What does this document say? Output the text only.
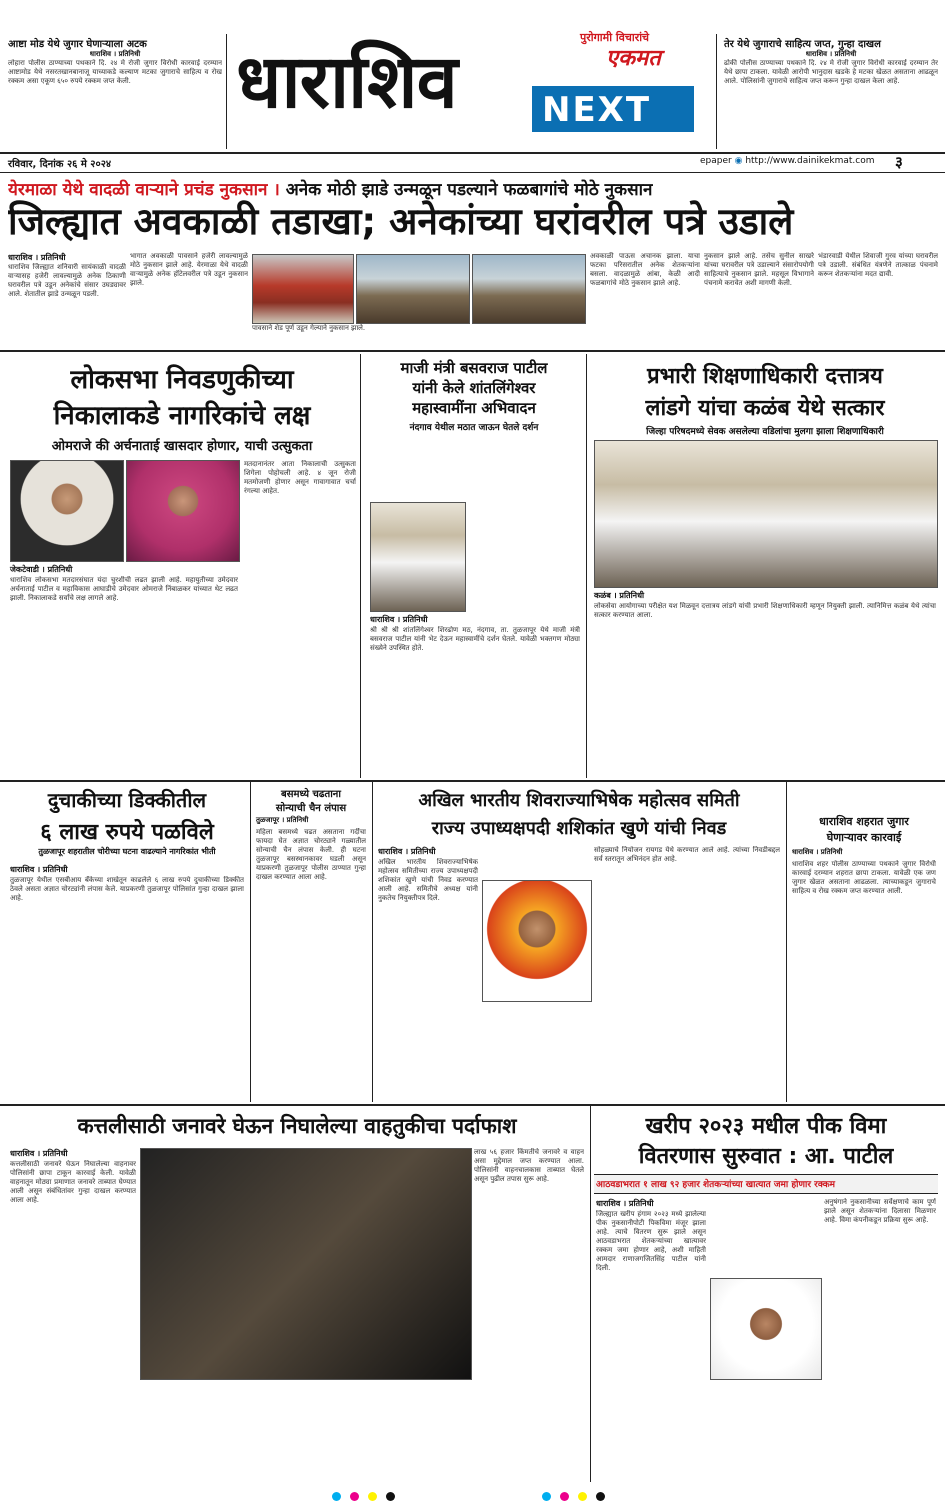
आष्टा मोड येथे जुगार घेणाऱ्याला अटक
धाराशिव । प्रतिनिधी
लोहारा पोलीस ठाण्याच्या पथकाने दि. २४ मे रोजी जुगार विरोधी कारवाई दरम्यान आष्टामोड येथे नसरतखानबानाजू याच्याकडे कल्याण मटका जुगाराचे साहित्य व रोख रक्कम असा एकूण ६५० रुपये रक्कम जप्त केली.	धाराशिव
पुरोगामी विचारांचे
एकमत
NEXT
तेर येथे जुगाराचे साहित्य जप्त, गुन्हा दाखल
धाराशिव । प्रतिनिधी
ढोकी पोलीस ठाण्याच्या पथकाने दि. २४ मे रोजी जुगार विरोधी कारवाई दरम्यान तेर येथे छापा टाकला. यावेळी आरोपी भानुदास खडके हे मटका खेळत असताना आढळून आले. पोलिसांनी जुगाराचे साहित्य जप्त करून गुन्हा दाखल केला आहे.
रविवार, दिनांक २६ मे २०२४	epaper ◉ http://www.dainikekmat.com ३
येरमाळा येथे वादळी वाऱ्याने प्रचंड नुकसान । अनेक मोठी झाडे उन्मळून पडल्याने फळबागांचे मोठे नुकसान
जिल्ह्यात अवकाळी तडाखा; अनेकांच्या घरांवरील पत्रे उडाले
धाराशिव । प्रतिनिधी
धाराशिव जिल्ह्यात शनिवारी सायंकाळी वादळी वाऱ्यासह हजेरी लावल्यामुळे अनेक ठिकाणी घरावरील पत्रे उडून अनेकांचे संसार उघड्यावर आले. शेतातील झाडे उन्मळून पडली.
भागात अवकाळी पावसाने हजेरी लावल्यामुळे मोठे नुकसान झाले आहे. येरमाळा येथे वादळी वाऱ्यामुळे अनेक हॉटेलवरील पत्रे उडून नुकसान झाले.
पावसाने शेड पूर्ण उडून गेल्याने नुकसान झाले.
अवकाळी पाऊस अचानक झाला. याचा फटका परिसरातील अनेक शेतकऱ्यांना बसला. वादळामुळे आंबा, केळी आदी फळबागांचे मोठे नुकसान झाले आहे.
नुकसान झाले आहे. तसेच सुनील साखरे यांच्या घरावरील पत्रे उडाल्याने संसारोपयोगी साहित्याचे नुकसान झाले. महसूल विभागाने पंचनामे करावेत अशी मागणी केली.
भंडारवाडी येथील शिवाजी गुरव यांच्या घरावरील पत्रे उडाली. संबंधित यंत्रणेने तात्काळ पंचनामे करून शेतकऱ्यांना मदत द्यावी.
लोकसभा निवडणुकीच्या
निकालाकडे नागरिकांचे लक्ष
ओमराजे की अर्चनाताई खासदार होणार, याची उत्सुकता
मतदानानंतर आता निकालाची उत्सुकता शिगेला पोहोचली आहे. ४ जून रोजी मतमोजणी होणार असून गावागावात चर्चा रंगल्या आहेत.
जेकटेवाडी । प्रतिनिधी
धाराशिव लोकसभा मतदारसंघात यंदा चुरशीची लढत झाली आहे. महायुतीच्या उमेदवार अर्चनाताई पाटील व महाविकास आघाडीचे उमेदवार ओमराजे निंबाळकर यांच्यात थेट लढत झाली. निकालाकडे सर्वांचे लक्ष लागले आहे.
माजी मंत्री बसवराज पाटील
यांनी केले शांतलिंगेश्वर
महास्वामींना अभिवादन
नंदगाव येथील मठात जाऊन घेतले दर्शन
धाराशिव । प्रतिनिधी
श्री श्री श्री शांतलिंगेश्वर शिरढोण मठ, नंदगाव, ता. तुळजापूर येथे माजी मंत्री बसवराज पाटील यांनी भेट देऊन महास्वामींचे दर्शन घेतले. यावेळी भक्तगण मोठ्या संख्येने उपस्थित होते.
प्रभारी शिक्षणाधिकारी दत्तात्रय
लांडगे यांचा कळंब येथे सत्कार
जिल्हा परिषदमध्ये सेवक असलेल्या वडिलांचा मुलगा झाला शिक्षणाधिकारी
कळंब । प्रतिनिधी
लोकसेवा आयोगाच्या परीक्षेत यश मिळवून दत्तात्रय लांडगे यांची प्रभारी शिक्षणाधिकारी म्हणून नियुक्ती झाली. त्यानिमित्त कळंब येथे त्यांचा सत्कार करण्यात आला.
दुचाकीच्या डिक्कीतील
६ लाख रुपये पळविले
तुळजापूर शहरातील चोरीच्या घटना वाढल्याने नागरिकांत भीती
धाराशिव । प्रतिनिधी
तुळजापूर येथील एसबीआय बँकेच्या शाखेतून काढलेले ६ लाख रुपये दुचाकीच्या डिक्कीत ठेवले असता अज्ञात चोरट्यांनी लंपास केले. याप्रकरणी तुळजापूर पोलिसांत गुन्हा दाखल झाला आहे.
बसमध्ये चढताना
सोन्याची चैन लंपास
तुळजापूर । प्रतिनिधी
महिला बसमध्ये चढत असताना गर्दीचा फायदा घेत अज्ञात चोरट्याने गळ्यातील सोन्याची चैन लंपास केली. ही घटना तुळजापूर बसस्थानकावर घडली असून याप्रकरणी तुळजापूर पोलीस ठाण्यात गुन्हा दाखल करण्यात आला आहे.
अखिल भारतीय शिवराज्याभिषेक महोत्सव समिती
राज्य उपाध्यक्षपदी शशिकांत खुणे यांची निवड
धाराशिव । प्रतिनिधी
अखिल भारतीय शिवराज्याभिषेक महोत्सव समितीच्या राज्य उपाध्यक्षपदी शशिकांत खुणे यांची निवड करण्यात आली आहे. समितीचे अध्यक्ष यांनी नुकतेच नियुक्तीपत्र दिले.
सोहळ्याचे नियोजन रायगड येथे करण्यात आले आहे. त्यांच्या निवडीबद्दल सर्व स्तरातून अभिनंदन होत आहे.
धाराशिव शहरात जुगार
घेणाऱ्यावर कारवाई
धाराशिव । प्रतिनिधी
धाराशिव शहर पोलीस ठाण्याच्या पथकाने जुगार विरोधी कारवाई दरम्यान शहरात छापा टाकला. यावेळी एक जण जुगार खेळत असताना आढळला. त्याच्याकडून जुगाराचे साहित्य व रोख रक्कम जप्त करण्यात आली.
कत्तलीसाठी जनावरे घेऊन निघालेल्या वाहतुकीचा पर्दाफाश
धाराशिव । प्रतिनिधी
कत्तलीसाठी जनावरे घेऊन निघालेल्या वाहनावर पोलिसांनी छापा टाकून कारवाई केली. यावेळी वाहनातून मोठ्या प्रमाणात जनावरे ताब्यात घेण्यात आली असून संबंधितांवर गुन्हा दाखल करण्यात आला आहे.
लाख ५६ हजार किंमतीचे जनावरे व वाहन असा मुद्देमाल जप्त करण्यात आला. पोलिसांनी वाहनचालकास ताब्यात घेतले असून पुढील तपास सुरू आहे.
खरीप २०२३ मधील पीक विमा
वितरणास सुरुवात : आ. पाटील
आठवडाभरात १ लाख ९२ हजार शेतकऱ्यांच्या खात्यात जमा होणार रक्कम
धाराशिव । प्रतिनिधी
जिल्ह्यात खरीप हंगाम २०२३ मध्ये झालेल्या पीक नुकसानीपोटी पिकविमा मंजूर झाला आहे. त्याचे वितरण सुरू झाले असून आठवडाभरात शेतकऱ्यांच्या खात्यावर रक्कम जमा होणार आहे, अशी माहिती आमदार राणाजगजितसिंह पाटील यांनी दिली.
अनुषंगाने नुकसानीच्या सर्वेक्षणाचे काम पूर्ण झाले असून शेतकऱ्यांना दिलासा मिळणार आहे. विमा कंपनीकडून प्रक्रिया सुरू आहे.
